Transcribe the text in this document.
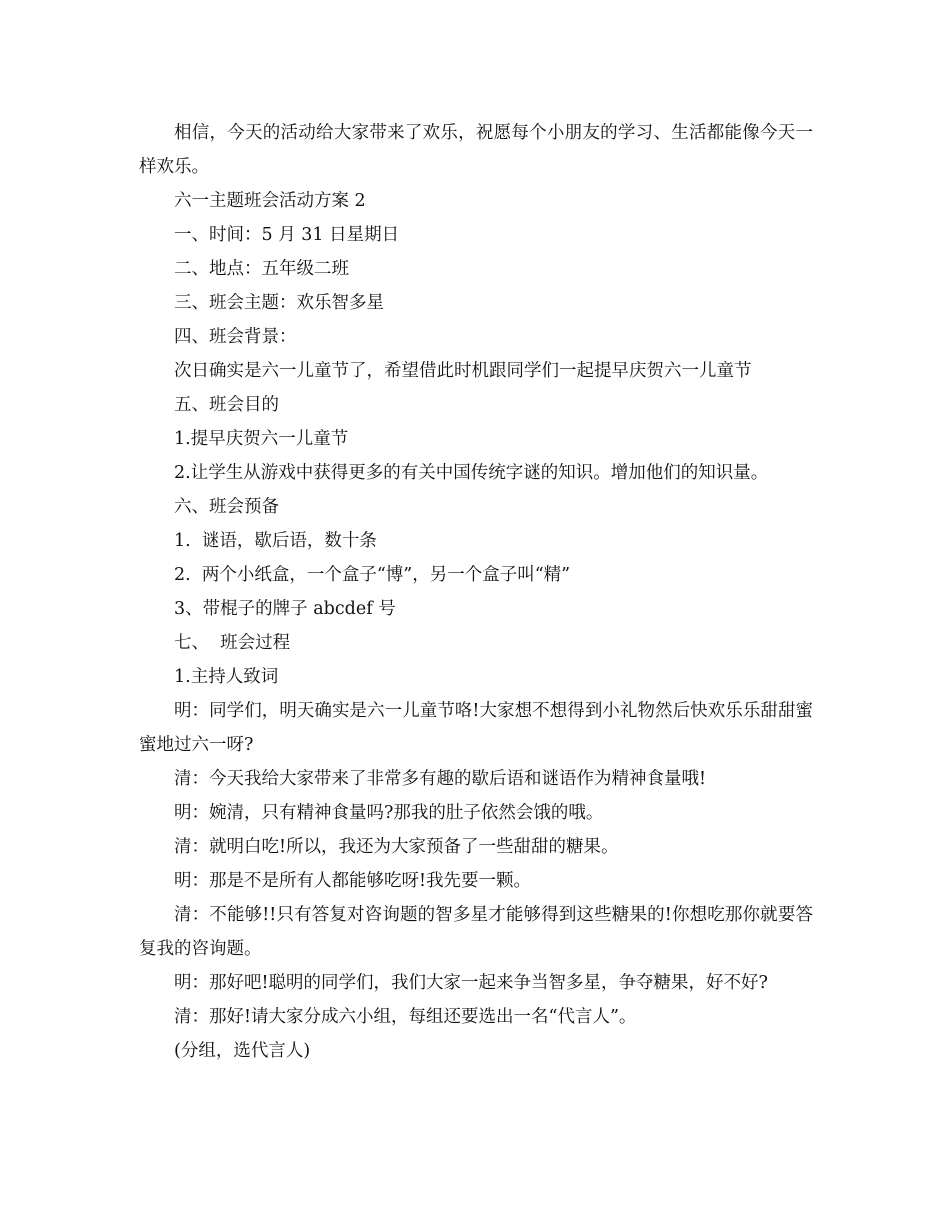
相信，今天的活动给大家带来了欢乐，祝愿每个小朋友的学习、生活都能像今天一样欢乐。

六一主题班会活动方案 2

一、时间：5 月 31 日星期日

二、地点：五年级二班

三、班会主题：欢乐智多星

四、班会背景：

次日确实是六一儿童节了，希望借此时机跟同学们一起提早庆贺六一儿童节

五、班会目的

1.提早庆贺六一儿童节

2.让学生从游戏中获得更多的有关中国传统字谜的知识。增加他们的知识量。

六、班会预备

1.  谜语，歇后语，数十条

2.  两个小纸盒，一个盒子“博”，另一个盒子叫“精”

3、带棍子的牌子 abcdef 号

七、  班会过程

1.主持人致词

明：同学们，明天确实是六一儿童节咯!大家想不想得到小礼物然后快欢乐乐甜甜蜜蜜地过六一呀?

清：今天我给大家带来了非常多有趣的歇后语和谜语作为精神食量哦!

明：婉清，只有精神食量吗?那我的肚子依然会饿的哦。

清：就明白吃!所以，我还为大家预备了一些甜甜的糖果。

明：那是不是所有人都能够吃呀!我先要一颗。

清：不能够!!只有答复对咨询题的智多星才能够得到这些糖果的!你想吃那你就要答复我的咨询题。

明：那好吧!聪明的同学们，我们大家一起来争当智多星，争夺糖果，好不好?

清：那好!请大家分成六小组，每组还要选出一名“代言人”。

(分组，选代言人)
